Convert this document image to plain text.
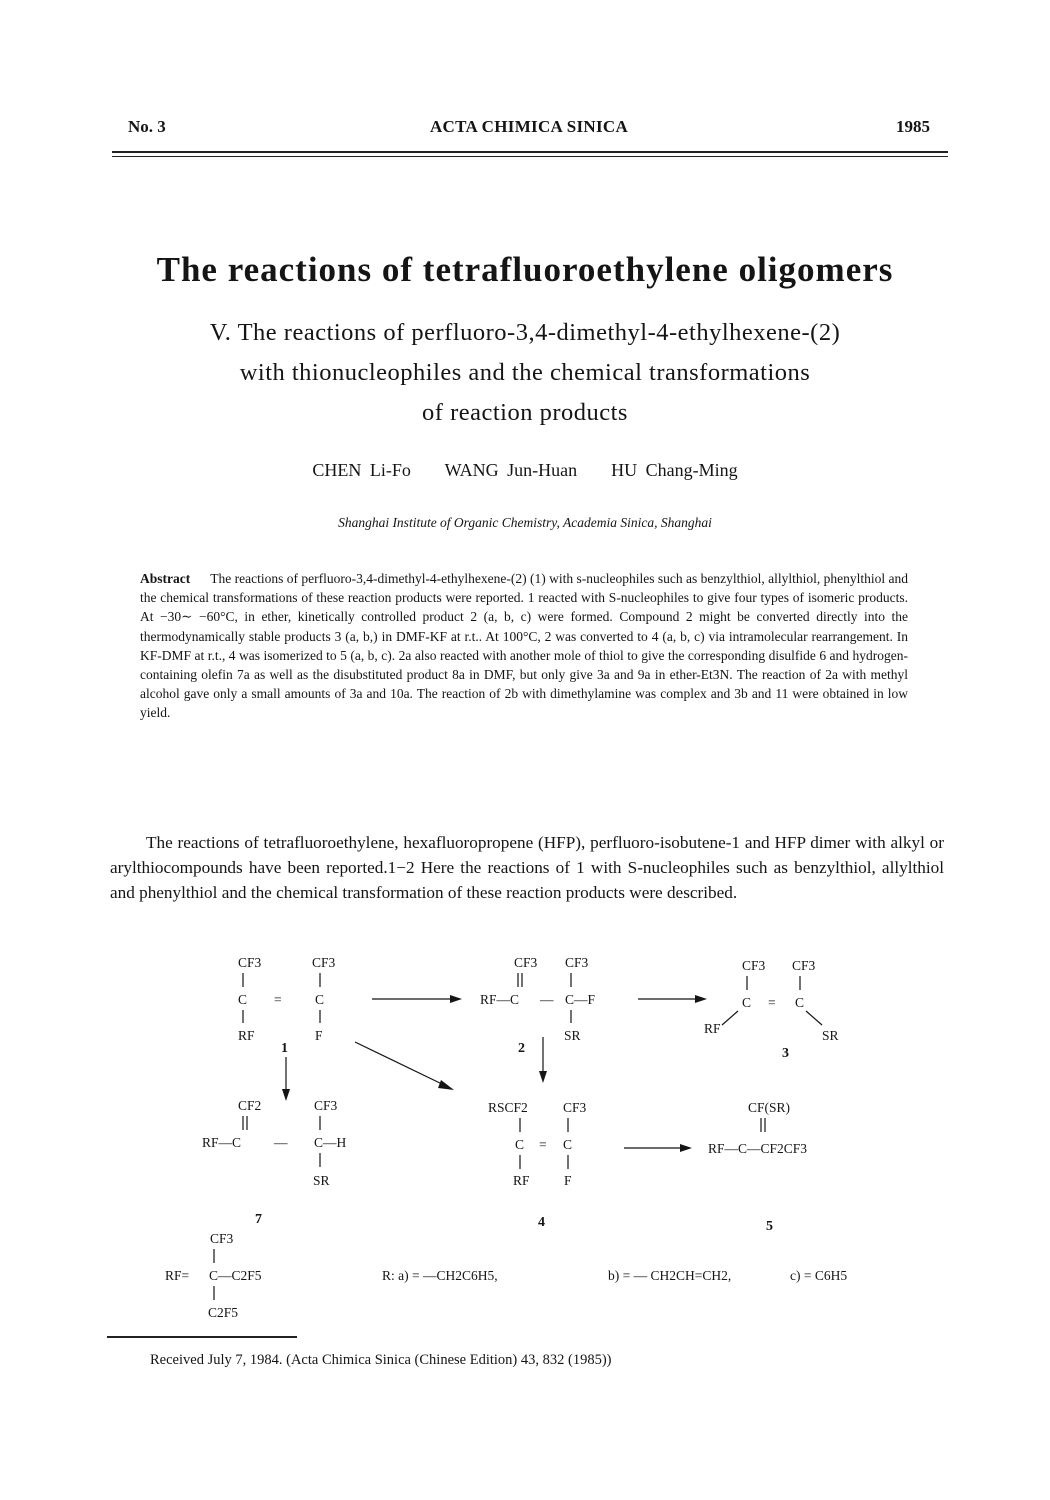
No. 3	ACTA CHIMICA SINICA	1985
The reactions of tetrafluoroethylene oligomers
V. The reactions of perfluoro-3,4-dimethyl-4-ethylhexene-(2)
with thionucleophiles and the chemical transformations
of reaction products
CHEN Li-Fo    WANG Jun-Huan    HU Chang-Ming
Shanghai Institute of Organic Chemistry, Academia Sinica, Shanghai
Abstract The reactions of perfluoro-3,4-dimethyl-4-ethylhexene-(2) (1) with s-nucleophiles such as benzylthiol, allylthiol, phenylthiol and the chemical transformations of these reaction products were reported. 1 reacted with S-nucleophiles to give four types of isomeric products. At −30∼ −60°C, in ether, kinetically controlled product 2 (a, b, c) were formed. Compound 2 might be converted directly into the thermodynamically stable products 3 (a, b,) in DMF-KF at r.t.. At 100°C, 2 was converted to 4 (a, b, c) via intramolecular rearrangement. In KF-DMF at r.t., 4 was isomerized to 5 (a, b, c). 2a also reacted with another mole of thiol to give the corresponding disulfide 6 and hydrogen-containing olefin 7a as well as the disubstituted product 8a in DMF, but only give 3a and 9a in ether-Et3N. The reaction of 2a with methyl alcohol gave only a small amounts of 3a and 10a. The reaction of 2b with dimethylamine was complex and 3b and 11 were obtained in low yield.
The reactions of tetrafluoroethylene, hexafluoropropene (HFP), perfluoro-isobutene-1 and HFP dimer with alkyl or arylthiocompounds have been reported.1−2 Here the reactions of 1 with S-nucleophiles such as benzylthiol, allylthiol and phenylthiol and the chemical transformation of these reaction products were described.
CF3	CF3
C = C
RF	F
1
CF3 CF3
RF—C — C—F
SR
2
CF3 CF3
C = C
RF	SR
3
CF2	CF3
RF—C — C—H
SR
7
RSCF2	CF3
C = C
RF	F
4
CF(SR)
RF—C—CF2CF3
5
CF3
RF= C—C2F5
C2F5
R: a) = —CH2C6H5,	b) = — CH2CH=CH2,	c) = C6H5
Received July 7, 1984. (Acta Chimica Sinica (Chinese Edition) 43, 832 (1985))
